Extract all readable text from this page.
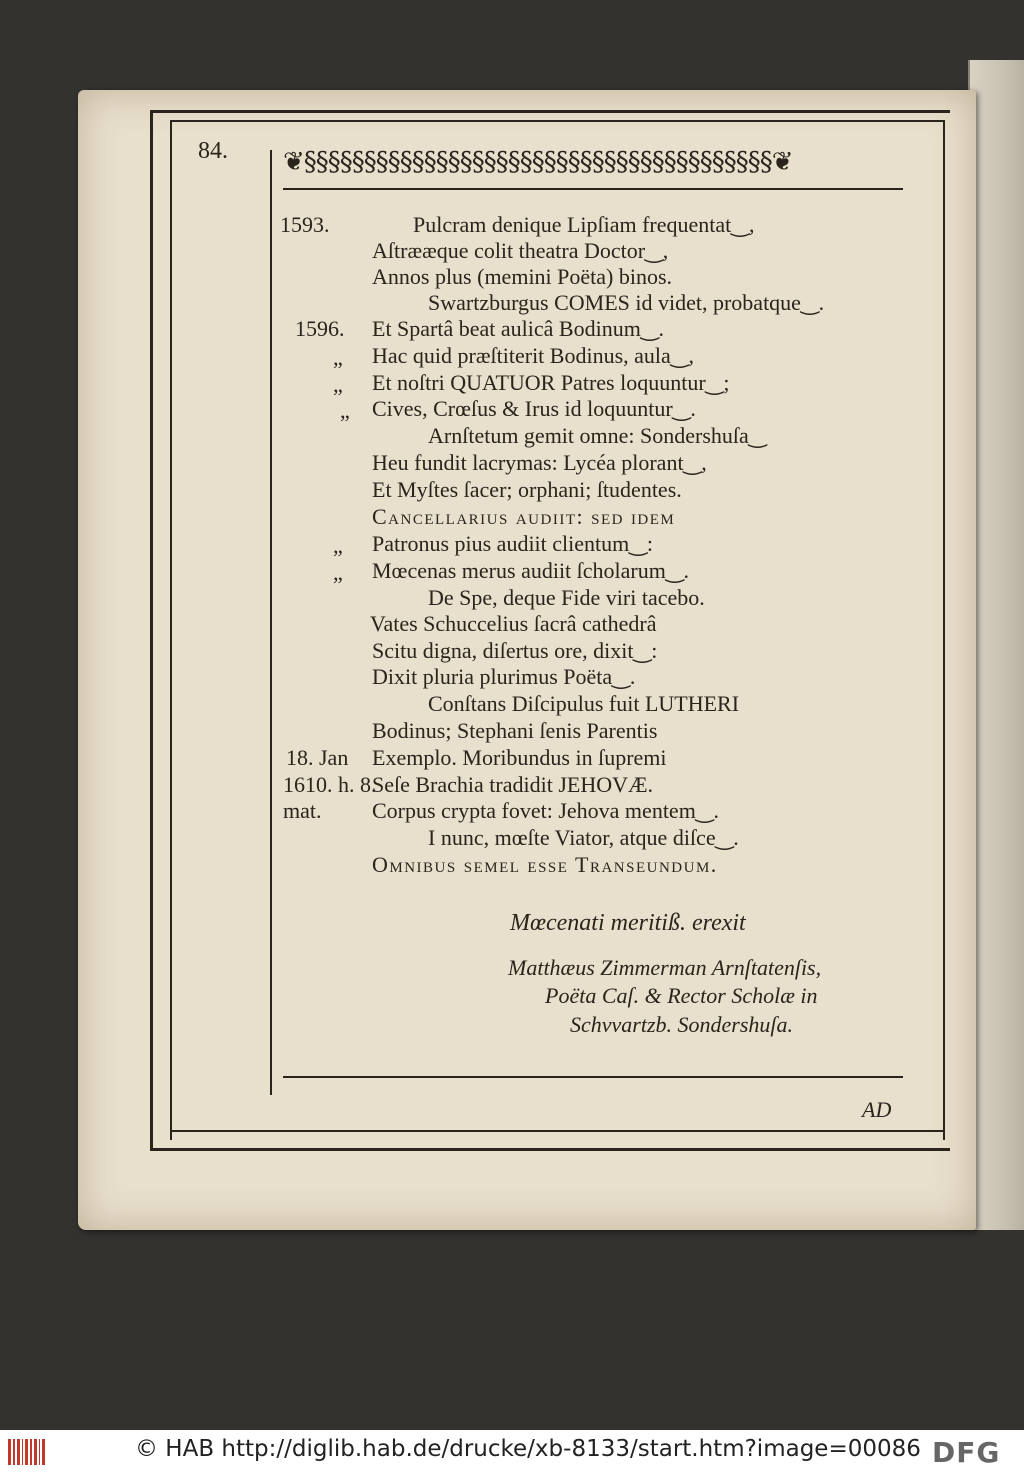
84. ❦§§§§§§§§§§§§§§§§§§§§§§§§§§§§§§§§§§§§§§§❦
1593.
1596.
„
„
„
„
„
18. Jan
1610. h. 8.
mat.
Pulcram denique Lipſiam frequentat‿,
Aſtrææque colit theatra Doctor‿,
Annos plus (memini Poëta) binos.
Swartzburgus COMES id videt, probatque‿.
Et Spartâ beat aulicâ Bodinum‿.
Hac quid præſtiterit Bodinus, aula‿,
Et noſtri QUATUOR Patres loquuntur‿;
Cives, Crœſus & Irus id loquuntur‿.
Arnſtetum gemit omne: Sondershuſa‿
Heu fundit lacrymas: Lycéa plorant‿,
Et Myſtes ſacer; orphani; ſtudentes.
Cancellarius audiit: ſed idem
Patronus pius audiit clientum‿:
Mœcenas merus audiit ſcholarum‿.
De Spe, deque Fide viri tacebo.
Vates Schuccelius ſacrâ cathedrâ
Scitu digna, diſertus ore, dixit‿:
Dixit pluria plurimus Poëta‿.
Conſtans Diſcipulus fuit LUTHERI
Bodinus; Stephani ſenis Parentis
Exemplo. Moribundus in ſupremi
Seſe Brachia tradidit JEHOVÆ.
Corpus crypta fovet: Jehova mentem‿.
I nunc, mœſte Viator, atque diſce‿.
Omnibus ſemel eſſe Transeundum.
Mœcenati meritiß. erexit
Matthæus Zimmerman Arnſtatenſis,
Poëta Caſ. & Rector Scholæ in
Schvvartzb. Sondershuſa.
AD
© HAB http://diglib.hab.de/drucke/xb-8133/start.htm?image=00086 DFG
